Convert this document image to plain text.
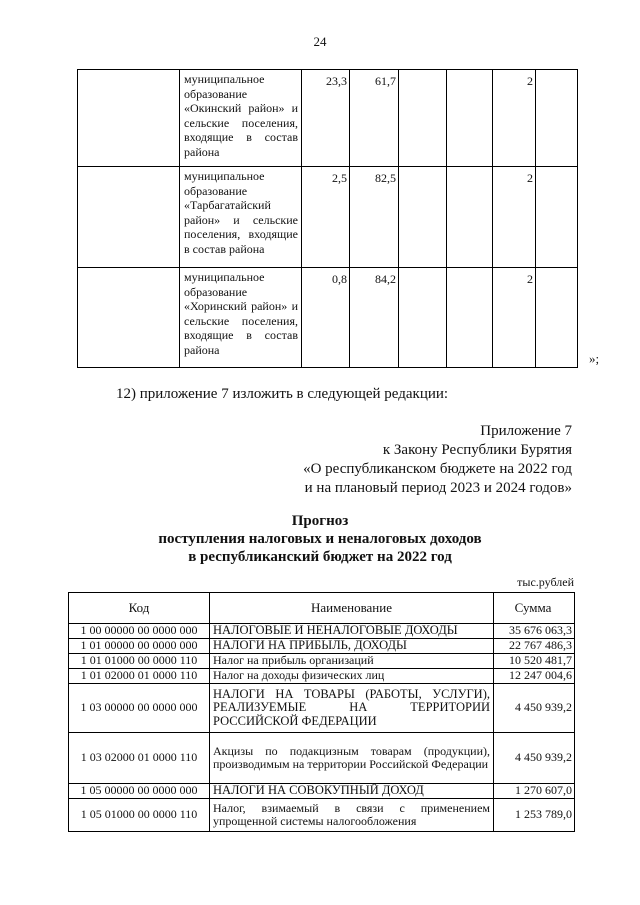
24
	муниципальное образование «Окинский район» и сельские поселения, входящие в состав района	23,3	61,7			2	
	муниципальное образование «Тарбагатайский район» и сельские поселения, входящие в состав района	2,5	82,5			2	
	муниципальное образование «Хоринский район» и сельские поселения, входящие в состав района	0,8	84,2			2	
»;
12) приложение 7 изложить в следующей редакции:
Приложение 7
к Закону Республики Бурятия
«О республиканском бюджете на 2022 год
и на плановый период 2023 и 2024 годов»
Прогноз
поступления налоговых и неналоговых доходов
в республиканский бюджет на 2022 год
тыс.рублей
Код	Наименование	Сумма
1 00 00000 00 0000 000	НАЛОГОВЫЕ И НЕНАЛОГОВЫЕ ДОХОДЫ	35 676 063,3
1 01 00000 00 0000 000	НАЛОГИ НА ПРИБЫЛЬ, ДОХОДЫ	22 767 486,3
1 01 01000 00 0000 110	Налог на прибыль организаций	10 520 481,7
1 01 02000 01 0000 110	Налог на доходы физических лиц	12 247 004,6
1 03 00000 00 0000 000	НАЛОГИ НА ТОВАРЫ (РАБОТЫ, УСЛУГИ), РЕАЛИЗУЕМЫЕ НА ТЕРРИТОРИИ РОССИЙСКОЙ ФЕДЕРАЦИИ	4 450 939,2
1 03 02000 01 0000 110	Акцизы по подакцизным товарам (продукции), производимым на территории Российской Федерации	4 450 939,2
1 05 00000 00 0000 000	НАЛОГИ НА СОВОКУПНЫЙ ДОХОД	1 270 607,0
1 05 01000 00 0000 110	Налог, взимаемый в связи с применением упрощенной системы налогообложения	1 253 789,0
